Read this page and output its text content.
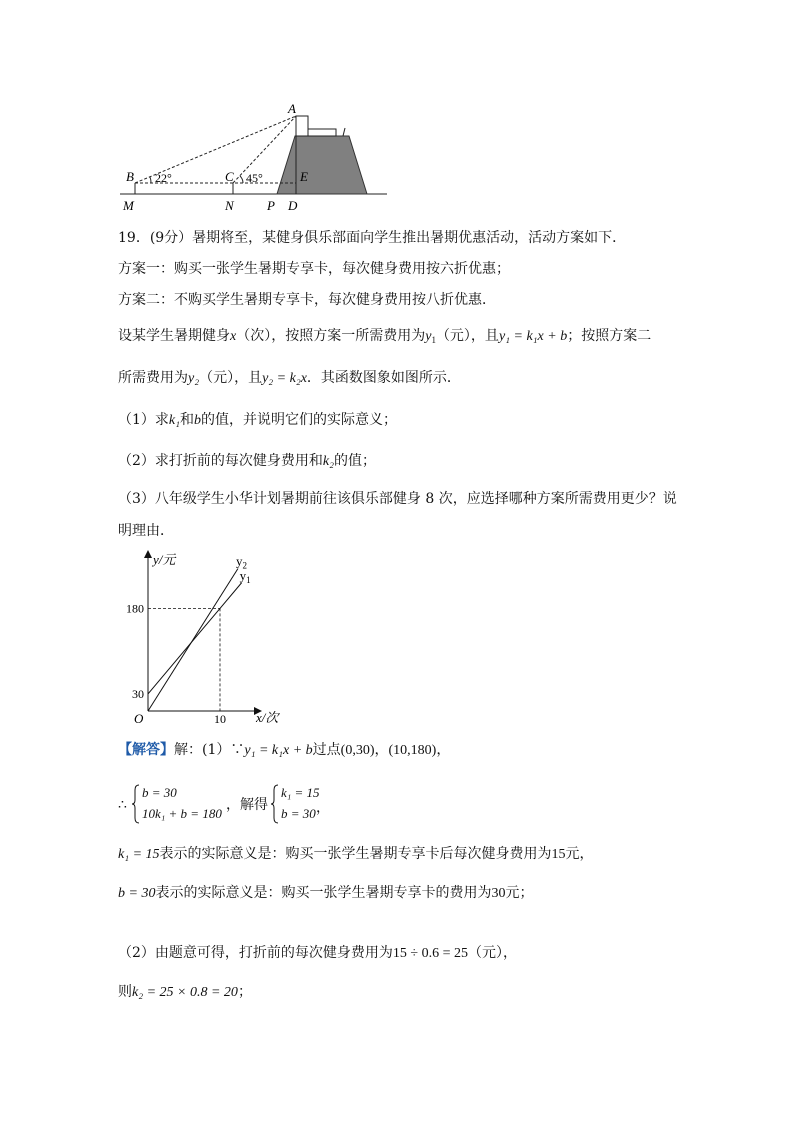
A
B	C	E
M	N	P D
22°	45°
19．(9分）暑期将至，某健身俱乐部面向学生推出暑期优惠活动，活动方案如下．
方案一：购买一张学生暑期专享卡，每次健身费用按六折优惠；
方案二：不购买学生暑期专享卡，每次健身费用按八折优惠．
设某学生暑期健身x（次），按照方案一所需费用为$y_1$（元），且y₁ = k₁x + b；按照方案二
所需费用为y₂（元），且y₂ = k₂x．其函数图象如图所示．
（1）求k₁和b的值，并说明它们的实际意义；
（2）求打折前的每次健身费用和k₂的值；
（3）八年级学生小华计划暑期前往该俱乐部健身 8 次，应选择哪种方案所需费用更少？说
明理由．
$y_2$
$y_1$
30
180
10
y/元
x/次
O
【解答】解：(1）∵y₁ = k₁x + b过点(0,30)，(10,180)，
∴
b = 30
10k₁ + b = 180
，解得
k₁ = 15
b = 30 ，
k₁ = 15表示的实际意义是：购买一张学生暑期专享卡后每次健身费用为15元，
b = 30表示的实际意义是：购买一张学生暑期专享卡的费用为30元；
（2）由题意可得，打折前的每次健身费用为15 ÷ 0.6 = 25（元），
则k₂ = 25 × 0.8 = 20；
